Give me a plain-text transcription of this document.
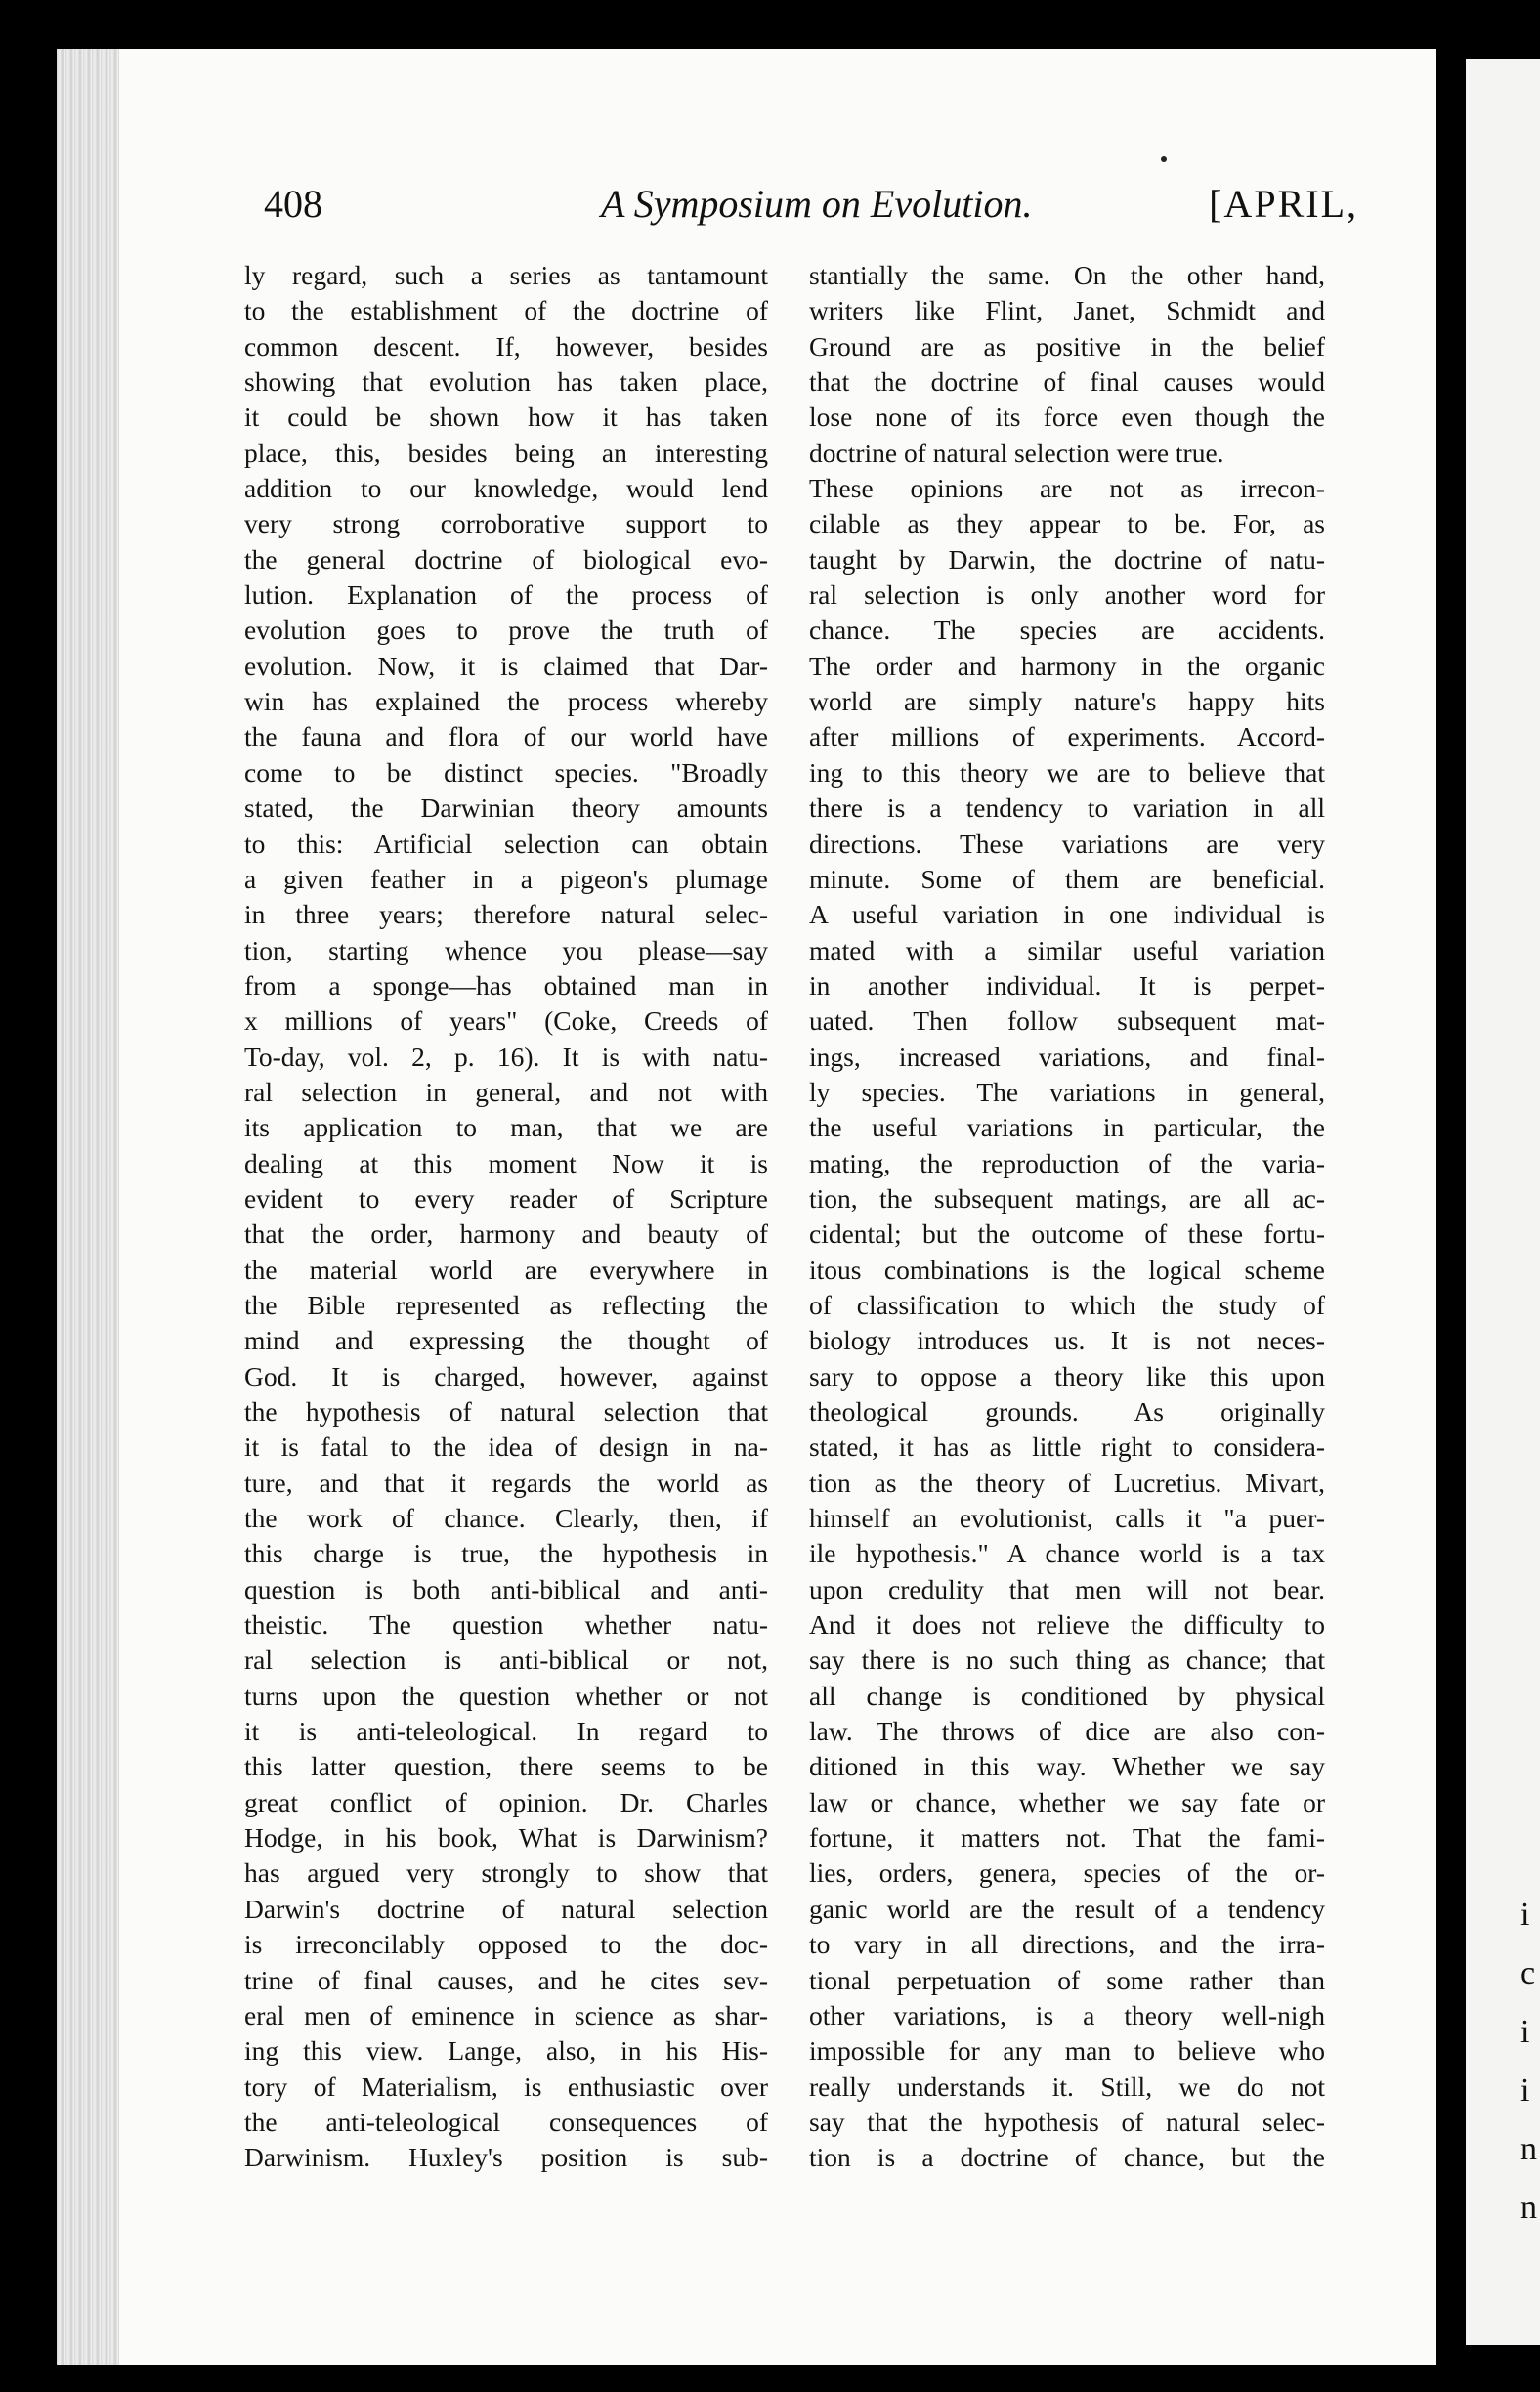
i
c
i
i
n
n
408	A Symposium on Evolution.	[APRIL,
ly regard, such a series as tantamount
to the establishment of the doctrine of
common descent. If, however, besides
showing that evolution has taken place,
it could be shown how it has taken
place, this, besides being an interesting
addition to our knowledge, would lend
very strong corroborative support to
the general doctrine of biological evo-
lution. Explanation of the process of
evolution goes to prove the truth of
evolution. Now, it is claimed that Dar-
win has explained the process whereby
the fauna and flora of our world have
come to be distinct species. "Broadly
stated, the Darwinian theory amounts
to this: Artificial selection can obtain
a given feather in a pigeon's plumage
in three years; therefore natural selec-
tion, starting whence you please—say
from a sponge—has obtained man in
x millions of years" (Coke, Creeds of
To-day, vol. 2, p. 16). It is with natu-
ral selection in general, and not with
its application to man, that we are
dealing at this moment Now it is
evident to every reader of Scripture
that the order, harmony and beauty of
the material world are everywhere in
the Bible represented as reflecting the
mind and expressing the thought of
God. It is charged, however, against
the hypothesis of natural selection that
it is fatal to the idea of design in na-
ture, and that it regards the world as
the work of chance. Clearly, then, if
this charge is true, the hypothesis in
question is both anti-biblical and anti-
theistic. The question whether natu-
ral selection is anti-biblical or not,
turns upon the question whether or not
it is anti-teleological. In regard to
this latter question, there seems to be
great conflict of opinion. Dr. Charles
Hodge, in his book, What is Darwinism?
has argued very strongly to show that
Darwin's doctrine of natural selection
is irreconcilably opposed to the doc-
trine of final causes, and he cites sev-
eral men of eminence in science as shar-
ing this view. Lange, also, in his His-
tory of Materialism, is enthusiastic over
the anti-teleological consequences of
Darwinism. Huxley's position is sub-
stantially the same. On the other hand,
writers like Flint, Janet, Schmidt and
Ground are as positive in the belief
that the doctrine of final causes would
lose none of its force even though the
doctrine of natural selection were true.
These opinions are not as irrecon-
cilable as they appear to be. For, as
taught by Darwin, the doctrine of natu-
ral selection is only another word for
chance. The species are accidents.
The order and harmony in the organic
world are simply nature's happy hits
after millions of experiments. Accord-
ing to this theory we are to believe that
there is a tendency to variation in all
directions. These variations are very
minute. Some of them are beneficial.
A useful variation in one individual is
mated with a similar useful variation
in another individual. It is perpet-
uated. Then follow subsequent mat-
ings, increased variations, and final-
ly species. The variations in general,
the useful variations in particular, the
mating, the reproduction of the varia-
tion, the subsequent matings, are all ac-
cidental; but the outcome of these fortu-
itous combinations is the logical scheme
of classification to which the study of
biology introduces us. It is not neces-
sary to oppose a theory like this upon
theological grounds. As originally
stated, it has as little right to considera-
tion as the theory of Lucretius. Mivart,
himself an evolutionist, calls it "a puer-
ile hypothesis." A chance world is a tax
upon credulity that men will not bear.
And it does not relieve the difficulty to
say there is no such thing as chance; that
all change is conditioned by physical
law. The throws of dice are also con-
ditioned in this way. Whether we say
law or chance, whether we say fate or
fortune, it matters not. That the fami-
lies, orders, genera, species of the or-
ganic world are the result of a tendency
to vary in all directions, and the irra-
tional perpetuation of some rather than
other variations, is a theory well-nigh
impossible for any man to believe who
really understands it. Still, we do not
say that the hypothesis of natural selec-
tion is a doctrine of chance, but the
